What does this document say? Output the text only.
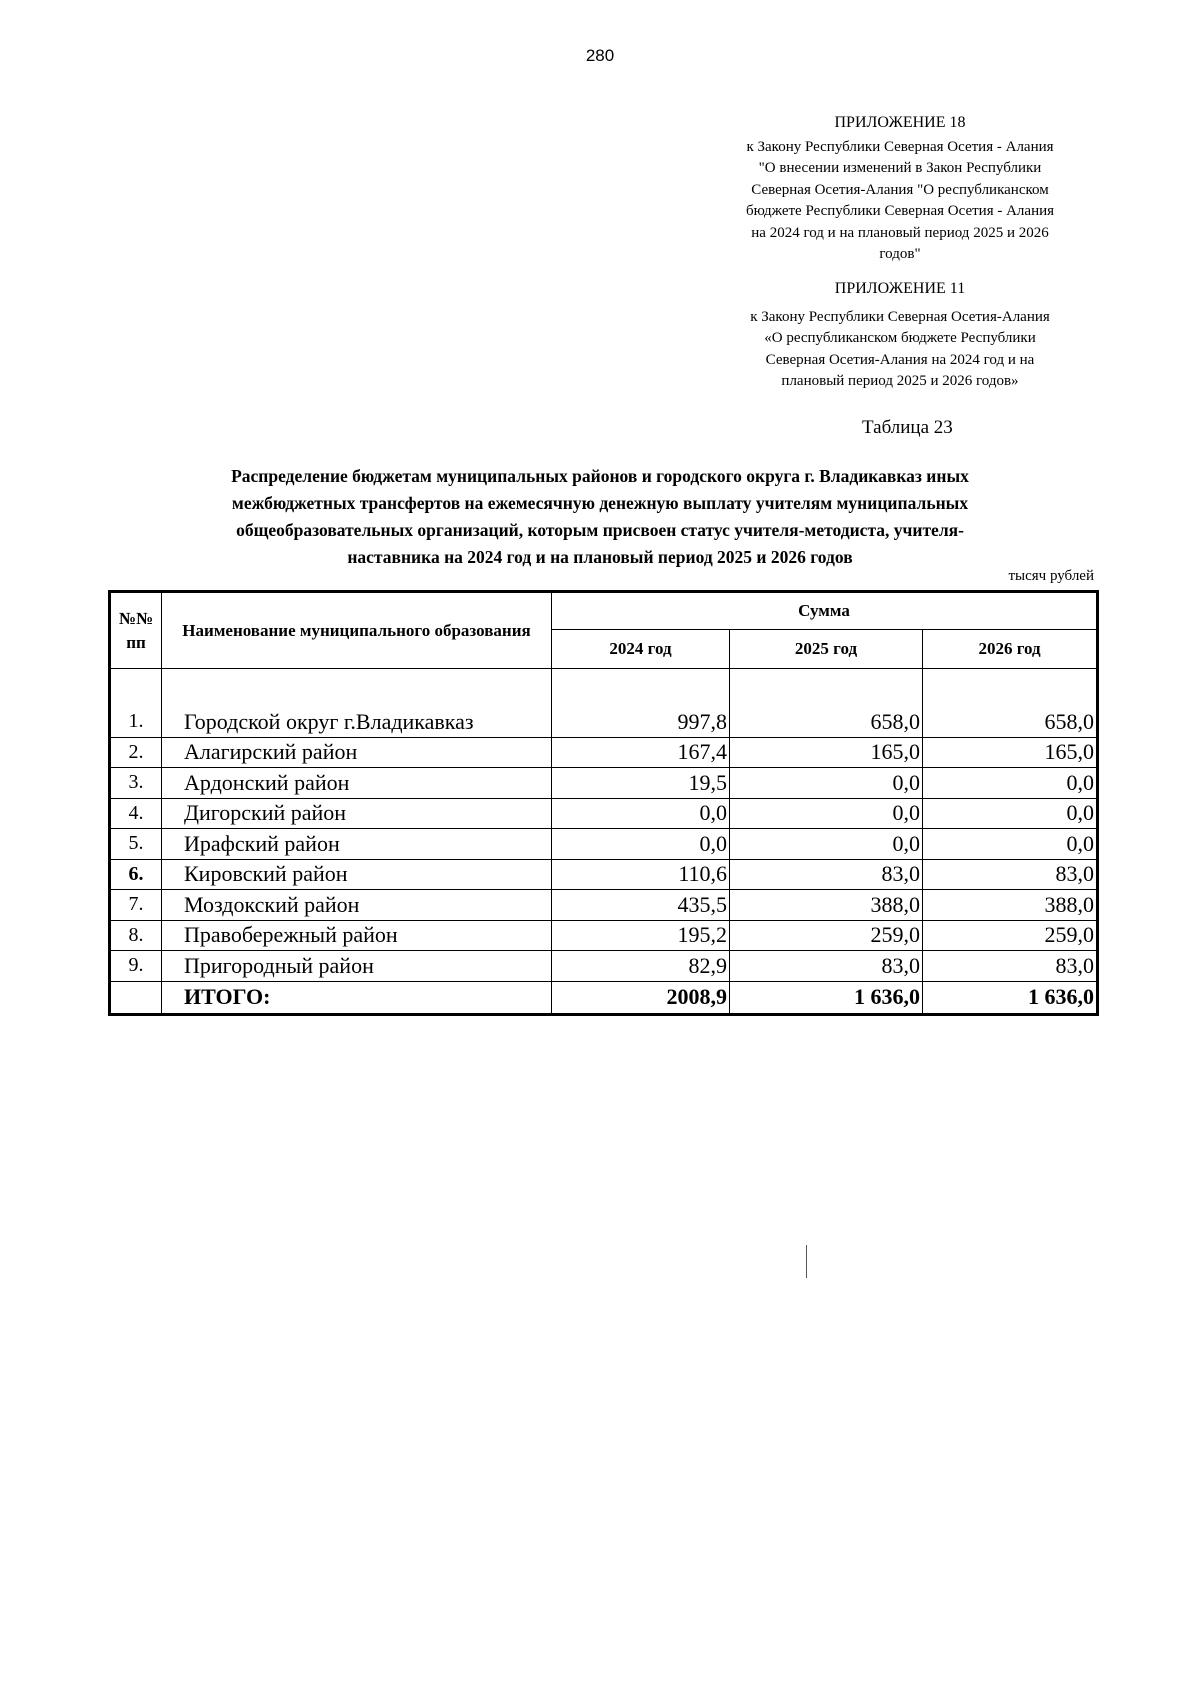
280
ПРИЛОЖЕНИЕ 18
к Закону Республики Северная Осетия - Алания
"О внесении изменений в Закон Республики
Северная Осетия-Алания "О республиканском
бюджете Республики Северная Осетия - Алания
на 2024 год и на плановый период 2025 и 2026
годов"
ПРИЛОЖЕНИЕ 11
к Закону Республики Северная Осетия-Алания
«О республиканском бюджете Республики
Северная Осетия-Алания на 2024 год и на
плановый период 2025 и 2026 годов»
Таблица 23
Распределение бюджетам муниципальных районов и городского округа г. Владикавказ иных
межбюджетных трансфертов на ежемесячную денежную выплату учителям муниципальных
общеобразовательных организаций, которым присвоен статус учителя-методиста, учителя-
наставника на 2024 год и на плановый период 2025 и 2026 годов
тысяч рублей
№№ пп	Наименование муниципального образования	Сумма		
		2024 год	2025 год	2026 год

1.	Городской округ г.Владикавказ	997,8	658,0	658,0
2.	Алагирский район	167,4	165,0	165,0
3.	Ардонский район	19,5	0,0	0,0
4.	Дигорский район	0,0	0,0	0,0
5.	Ирафский район	0,0	0,0	0,0
6.	Кировский район	110,6	83,0	83,0
7.	Моздокский район	435,5	388,0	388,0
8.	Правобережный район	195,2	259,0	259,0
9.	Пригородный район	82,9	83,0	83,0
	ИТОГО:	2008,9	1 636,0	1 636,0
